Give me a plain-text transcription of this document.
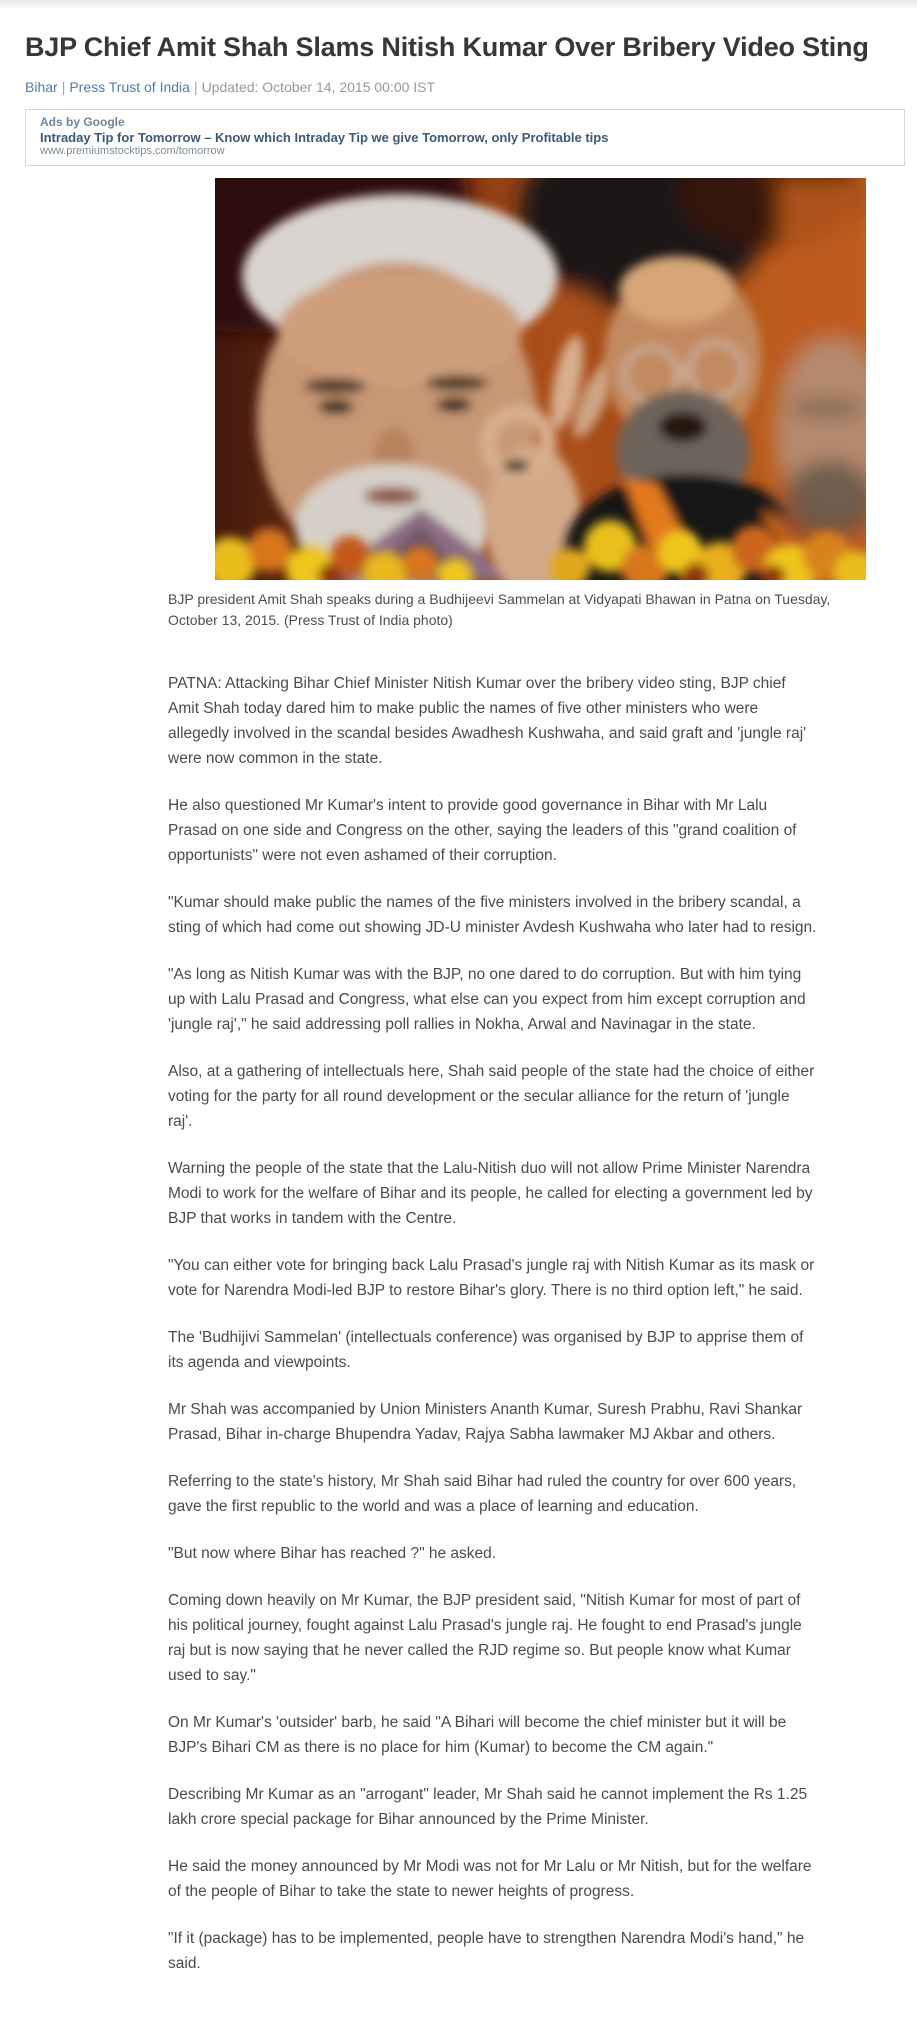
BJP Chief Amit Shah Slams Nitish Kumar Over Bribery Video Sting
Bihar | Press Trust of India | Updated: October 14, 2015 00:00 IST
Ads by Google
Intraday Tip for Tomorrow – Know which Intraday Tip we give Tomorrow, only Profitable tips
www.premiumstocktips.com/tomorrow
BJP president Amit Shah speaks during a Budhijeevi Sammelan at Vidyapati Bhawan in Patna on Tuesday, October 13, 2015. (Press Trust of India photo)

PATNA: Attacking Bihar Chief Minister Nitish Kumar over the bribery video sting, BJP chief Amit Shah today dared him to make public the names of five other ministers who were allegedly involved in the scandal besides Awadhesh Kushwaha, and said graft and 'jungle raj' were now common in the state.

He also questioned Mr Kumar's intent to provide good governance in Bihar with Mr Lalu Prasad on one side and Congress on the other, saying the leaders of this "grand coalition of opportunists" were not even ashamed of their corruption.

"Kumar should make public the names of the five ministers involved in the bribery scandal, a sting of which had come out showing JD-U minister Avdesh Kushwaha who later had to resign.

"As long as Nitish Kumar was with the BJP, no one dared to do corruption. But with him tying up with Lalu Prasad and Congress, what else can you expect from him except corruption and 'jungle raj'," he said addressing poll rallies in Nokha, Arwal and Navinagar in the state.

Also, at a gathering of intellectuals here, Shah said people of the state had the choice of either voting for the party for all round development or the secular alliance for the return of 'jungle raj'.

Warning the people of the state that the Lalu-Nitish duo will not allow Prime Minister Narendra Modi to work for the welfare of Bihar and its people, he called for electing a government led by BJP that works in tandem with the Centre.

"You can either vote for bringing back Lalu Prasad's jungle raj with Nitish Kumar as its mask or vote for Narendra Modi-led BJP to restore Bihar's glory. There is no third option left," he said.

The 'Budhijivi Sammelan' (intellectuals conference) was organised by BJP to apprise them of its agenda and viewpoints.

Mr Shah was accompanied by Union Ministers Ananth Kumar, Suresh Prabhu, Ravi Shankar Prasad, Bihar in-charge Bhupendra Yadav, Rajya Sabha lawmaker MJ Akbar and others.

Referring to the state's history, Mr Shah said Bihar had ruled the country for over 600 years, gave the first republic to the world and was a place of learning and education.

"But now where Bihar has reached ?" he asked.

Coming down heavily on Mr Kumar, the BJP president said, "Nitish Kumar for most of part of his political journey, fought against Lalu Prasad's jungle raj. He fought to end Prasad's jungle raj but is now saying that he never called the RJD regime so. But people know what Kumar used to say."

On Mr Kumar's 'outsider' barb, he said "A Bihari will become the chief minister but it will be BJP's Bihari CM as there is no place for him (Kumar) to become the CM again."

Describing Mr Kumar as an "arrogant" leader, Mr Shah said he cannot implement the Rs 1.25 lakh crore special package for Bihar announced by the Prime Minister.

He said the money announced by Mr Modi was not for Mr Lalu or Mr Nitish, but for the welfare of the people of Bihar to take the state to newer heights of progress.

"If it (package) has to be implemented, people have to strengthen Narendra Modi's hand," he said.
